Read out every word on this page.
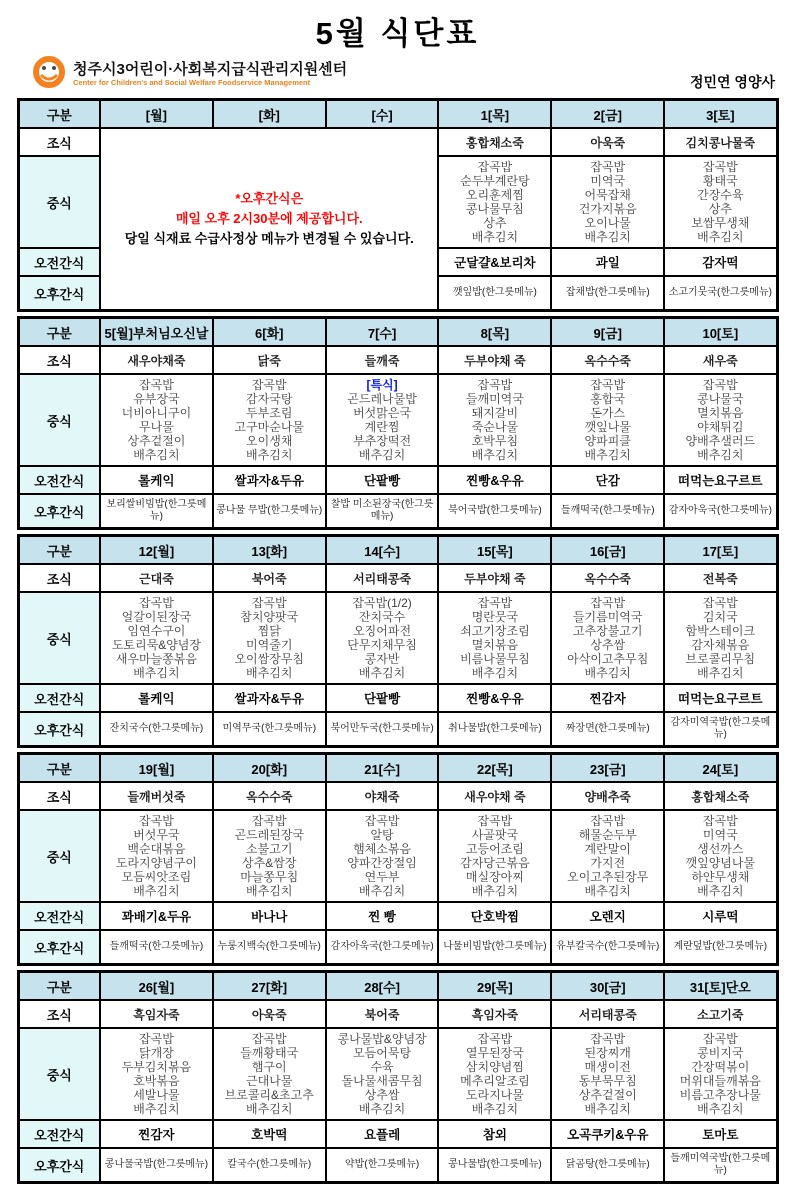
5월 식단표
청주시3어린이·사회복지급식관리지원센터
Center for Children's and Social Welfare Foodservice Management	정민연 영양사
구분	[월]	[화]	[수]	1[목]	2[금]	3[토]
조식	*오후간식은
매일 오후 2시30분에 제공합니다.
당일 식재료 수급사정상 메뉴가 변경될 수 있습니다.			홍합채소죽	아욱죽	김치콩나물죽
중식	
잡곡밥
순두부계란탕
오리훈제찜
콩나물무침
상추
배추김치

잡곡밥
미역국
어묵잡채
건가지볶음
오이나물
배추김치

잡곡밥
황태국
간장수육
상추
보쌈무생채
배추김치

오전간식				군달걀&보리차	과일	감자떡
오후간식				깻잎밥(한그릇메뉴)	잡채밥(한그릇메뉴)	소고기뭇국(한그릇메뉴)
구분	5[월]부처님오신날	6[화]	7[수]	8[목]	9[금]	10[토]
조식	새우야채죽	닭죽	들깨죽	두부야채 죽	옥수수죽	새우죽
중식	
잡곡밥
유부장국
너비아니구이
무나물
상추겉절이
배추김치

잡곡밥
감자국탕
두부조림
고구마순나물
오이생채
배추김치

[특식]
곤드레나물밥
버섯맑은국
계란찜
부추장떡전
배추김치

잡곡밥
들깨미역국
돼지갈비
죽순나물
호박무침
배추김치

잡곡밥
홍합국
돈가스
깻잎나물
양파피클
배추김치

잡곡밥
콩나물국
멸치볶음
야채튀김
양배추샐러드
배추김치

오전간식	롤케익	쌀과자&두유	단팥빵	찐빵&우유	단감	떠먹는요구르트
오후간식	보리쌀비빔밥(한그릇메뉴)	콩나물 무밥(한그릇메뉴)	찰밥 미소된장국(한그릇메뉴)	북어국밥(한그릇메뉴)	들깨떡국(한그릇메뉴)	감자아욱국(한그릇메뉴)
구분	12[월]	13[화]	14[수]	15[목]	16[금]	17[토]
조식	근대죽	북어죽	서리태콩죽	두부야채 죽	옥수수죽	전복죽
중식	
잡곡밥
얼갈이된장국
임연수구이
도토리묵&양념장
새우마늘쫑볶음
배추김치

잡곡밥
참치양팟국
찜닭
미역줄기
오이쌈장무침
배추김치

잡곡밥(1/2)
잔치국수
오징어파전
단무지채무침
콩자반
배추김치

잡곡밥
명란뭇국
쇠고기장조림
멸치볶음
비름나물무침
배추김치

잡곡밥
들기름미역국
고추장불고기
상추쌈
아삭이고추무침
배추김치

잡곡밥
김치국
함박스테이크
감자채볶음
브로콜리무침
배추김치

오전간식	롤케익	쌀과자&두유	단팥빵	찐빵&우유	찐감자	떠먹는요구르트
오후간식	잔치국수(한그릇메뉴)	미역무국(한그릇메뉴)	북어만두국(한그릇메뉴)	취나물밥(한그릇메뉴)	짜장면(한그릇메뉴)	감자미역국밥(한그릇메뉴)
구분	19[월]	20[화]	21[수]	22[목]	23[금]	24[토]
조식	들깨버섯죽	옥수수죽	야채죽	새우야채 죽	양배추죽	홍합채소죽
중식	
잡곡밥
버섯무국
백순대볶음
도라지양념구이
모듬씨앗조림
배추김치

잡곡밥
곤드레된장국
소불고기
상추&쌈장
마늘쫑무침
배추김치

잡곡밥
알탕
햄체소볶음
양파간장절임
연두부
배추김치

잡곡밥
사골팟국
고등어조림
감자당근볶음
매실장아찌
배추김치

잡곡밥
해물순두부
계란말이
가지전
오이고추된장무
배추김치

잡곡밥
미역국
생선까스
깻잎양념나물
하얀무생채
배추김치

오전간식	꽈배기&두유	바나나	찐 빵	단호박찜	오렌지	시루떡
오후간식	들깨떡국(한그릇메뉴)	누룽지백숙(한그릇메뉴)	감자아욱국(한그릇메뉴)	나물비빔밥(한그릇메뉴)	유부칼국수(한그릇메뉴)	계란덮밥(한그릇메뉴)
구분	26[월]	27[화]	28[수]	29[목]	30[금]	31[토]단오
조식	흑임자죽	아욱죽	북어죽	흑임자죽	서리태콩죽	소고기죽
중식	
잡곡밥
닭개장
두부김치볶음
호박볶음
세발나물
배추김치

잡곡밥
들깨황태국
햄구이
근대나물
브로콜리&초고추
배추김치

콩나물밥&양념장
모듬어묵탕
수육
돌나물새콤무침
상추쌈
배추김치

잡곡밥
열무된장국
삼치양념찜
메추리알조림
도라지나물
배추김치

잡곡밥
된장찌개
매생이전
동부묵무침
상추겉절이
배추김치

잡곡밥
콩비지국
간장떡볶이
머위대들깨볶음
비름고추장나물
배추김치

오전간식	찐감자	호박떡	요플레	참외	오곡쿠키&우유	토마토
오후간식	콩나물국밥(한그릇메뉴)	칼국수(한그릇메뉴)	약밥(한그릇메뉴)	콩나물밥(한그릇메뉴)	닭곰탕(한그릇메뉴)	들깨미역국밥(한그릇메뉴)
